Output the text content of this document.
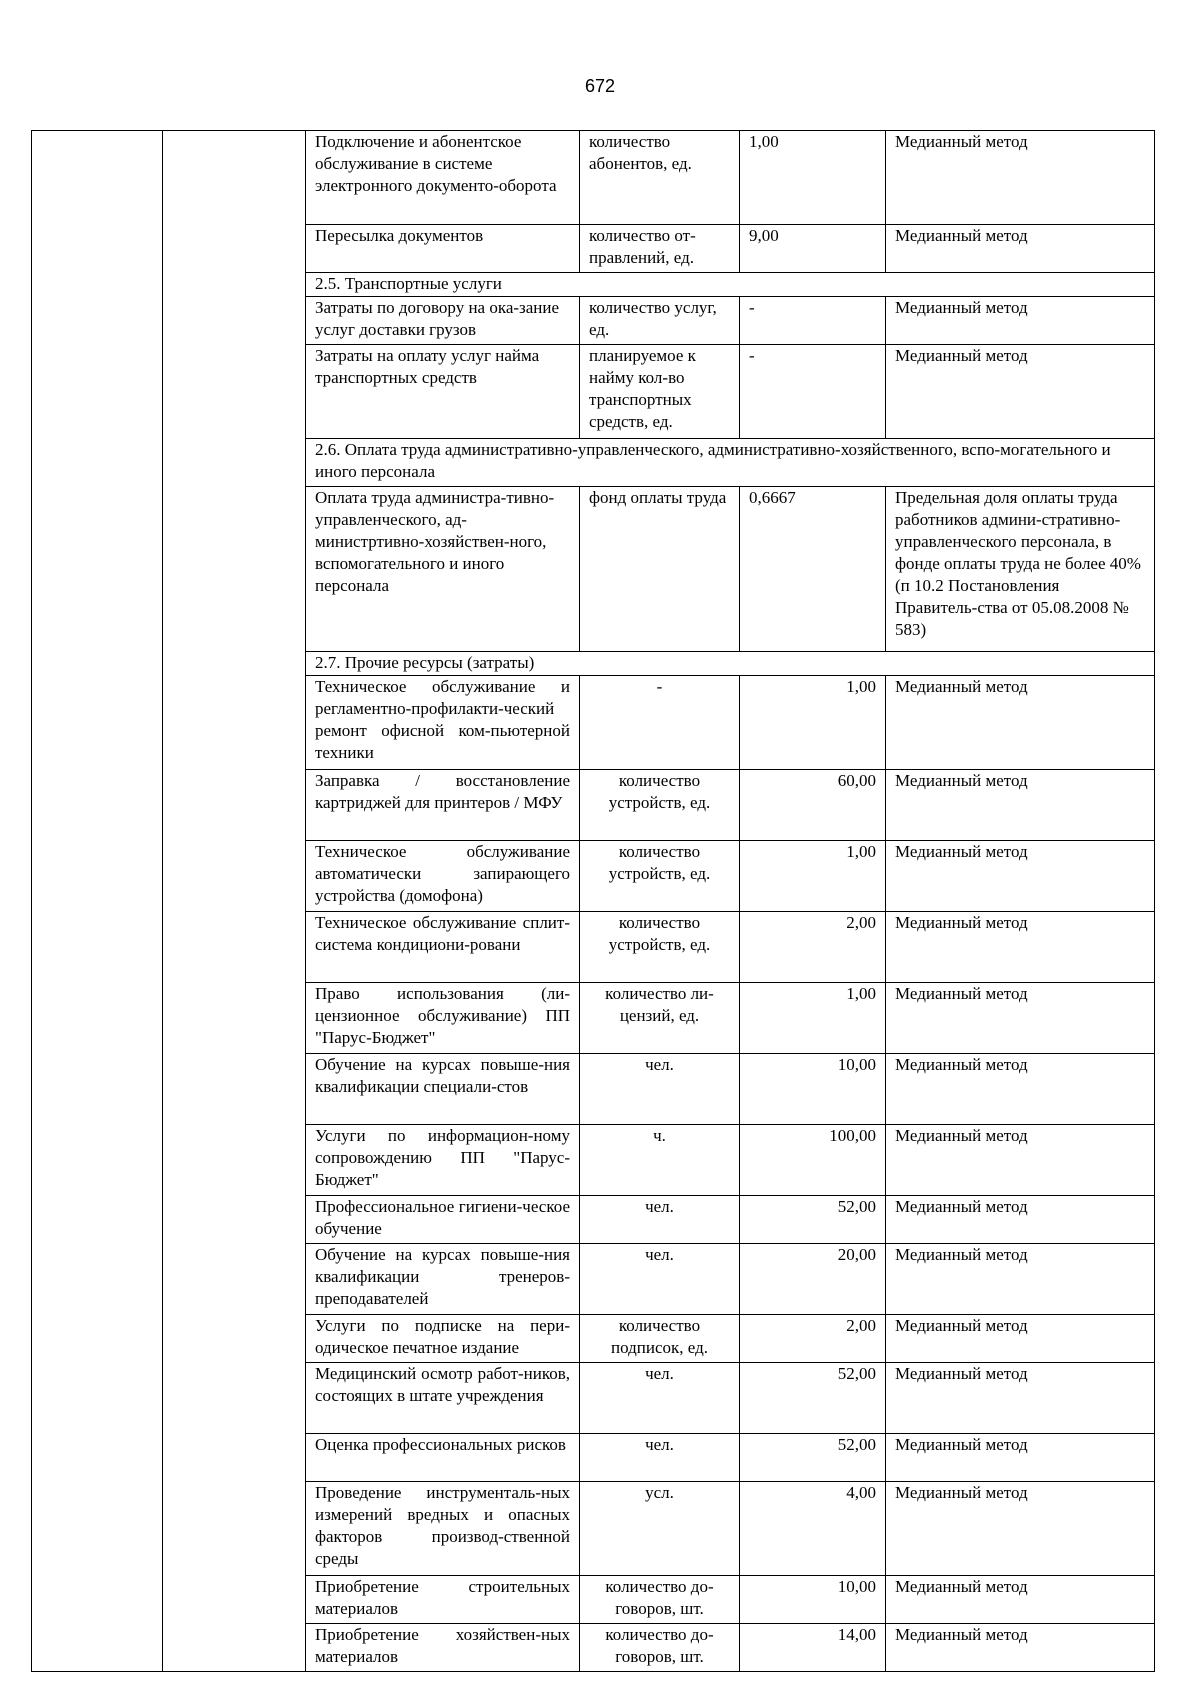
672
		Подключение и абонентское обслуживание в системе электронного документо-оборота	количество абонентов, ед.	1,00	Медианный метод
		Пересылка документов	количество от-правлений, ед.	9,00	Медианный метод
		2.5. Транспортные услуги			
		Затраты по договору на ока-зание услуг доставки грузов	количество услуг, ед.	-	Медианный метод
		Затраты на оплату услуг найма транспортных средств	планируемое к найму кол-во транспортных средств, ед.	-	Медианный метод
		2.6. Оплата труда административно-управленческого, административно-хозяйственного, вспо-могательного и иного персонала			
		Оплата труда администра-тивно-управленческого, ад-министртивно-хозяйствен-ного, вспомогательного и иного персонала	фонд оплаты труда	0,6667	Предельная доля оплаты труда работников админи-стративно-управленческого персонала, в фонде оплаты труда не более 40% (п 10.2 Постановления Правитель-ства от 05.08.2008 № 583)
		2.7. Прочие ресурсы (затраты)			
		Техническое обслуживание и регламентно-профилакти-ческий ремонт офисной ком-пьютерной техники	-	1,00	Медианный метод
		Заправка / восстановление картриджей для принтеров / МФУ	количество устройств, ед.	60,00	Медианный метод
		Техническое обслуживание автоматически запирающего устройства (домофона)	количество устройств, ед.	1,00	Медианный метод
		Техническое обслуживание сплит-система кондициони-ровани	количество устройств, ед.	2,00	Медианный метод
		Право использования (ли-цензионное обслуживание) ПП "Парус-Бюджет"	количество ли-цензий, ед.	1,00	Медианный метод
		Обучение на курсах повыше-ния квалификации специали-стов	чел.	10,00	Медианный метод
		Услуги по информацион-ному сопровождению ПП "Парус-Бюджет"	ч.	100,00	Медианный метод
		Профессиональное гигиени-ческое обучение	чел.	52,00	Медианный метод
		Обучение на курсах повыше-ния квалификации тренеров-преподавателей	чел.	20,00	Медианный метод
		Услуги по подписке на пери-одическое печатное издание	количество подписок, ед.	2,00	Медианный метод
		Медицинский осмотр работ-ников, состоящих в штате учреждения	чел.	52,00	Медианный метод
		Оценка профессиональных рисков	чел.	52,00	Медианный метод
		Проведение инструменталь-ных измерений вредных и опасных факторов производ-ственной среды	усл.	4,00	Медианный метод
		Приобретение строительных материалов	количество до-говоров, шт.	10,00	Медианный метод
		Приобретение хозяйствен-ных материалов	количество до-говоров, шт.	14,00	Медианный метод
